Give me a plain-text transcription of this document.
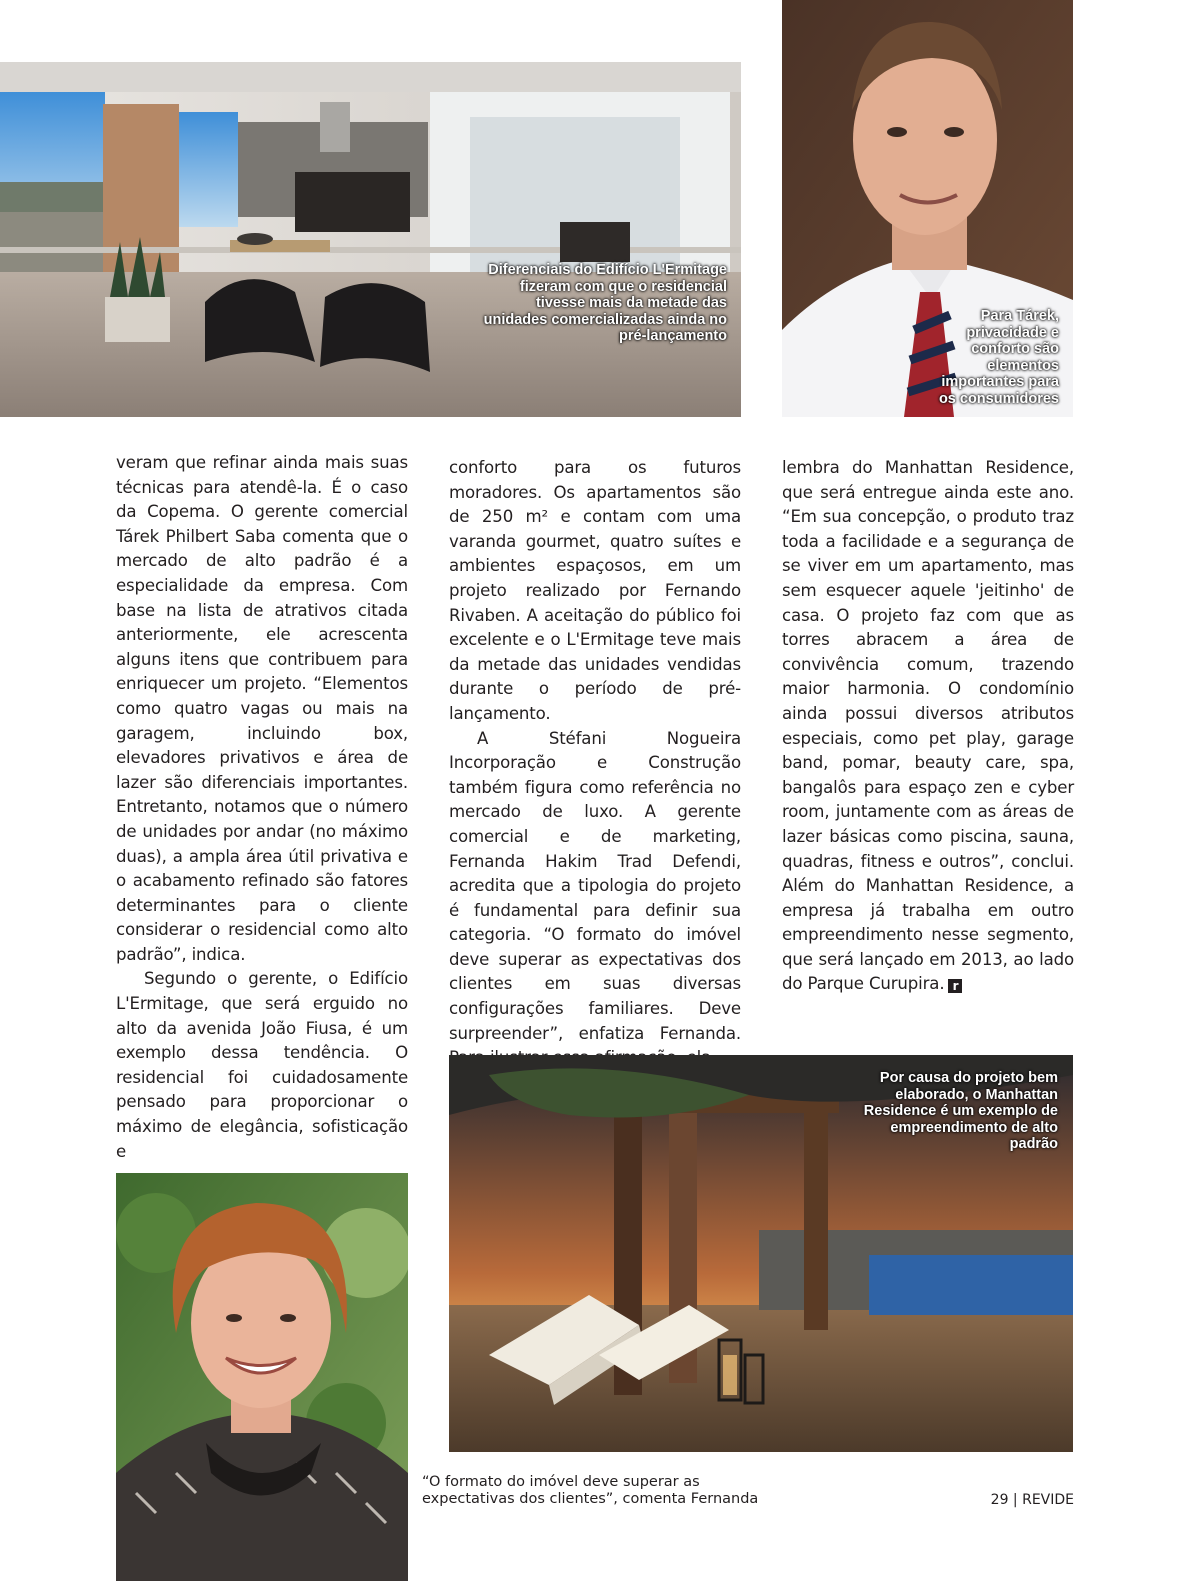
Diferenciais do Edifício L'Ermitage fizeram com que o residencial tivesse mais da metade das unidades comercializadas ainda no pré-lançamento
Para Tárek, privacidade e conforto são elementos importantes para os consumidores

veram que refinar ainda mais suas técnicas para atendê-la. É o caso da Copema. O gerente comercial Tárek Philbert Saba comenta que o mercado de alto padrão é a especialidade da empresa. Com base na lista de atrativos citada anteriormente, ele acrescenta alguns itens que contribuem para enriquecer um projeto. “Elementos como quatro vagas ou mais na garagem, incluindo box, elevadores privativos e área de lazer são diferenciais importantes. Entretanto, notamos que o número de unidades por andar (no máximo duas), a ampla área útil privativa e o acabamento refinado são fatores determinantes para o cliente considerar o residencial como alto padrão”, indica.

Segundo o gerente, o Edifício L'Ermitage, que será erguido no alto da avenida João Fiusa, é um exemplo dessa tendência. O residencial foi cuidadosamente pensado para proporcionar o máximo de elegância, sofisticação e

conforto para os futuros moradores. Os apartamentos são de 250 m² e contam com uma varanda gourmet, quatro suítes e ambientes espaçosos, em um projeto realizado por Fernando Rivaben. A aceitação do público foi excelente e o L'Ermitage teve mais da metade das unidades vendidas durante o período de pré-lançamento.

A Stéfani Nogueira Incorporação e Construção também figura como referência no mercado de luxo. A gerente comercial e de marketing, Fernanda Hakim Trad Defendi, acredita que a tipologia do projeto é fundamental para definir sua categoria. “O formato do imóvel deve superar as expectativas dos clientes em suas diversas configurações familiares. Deve surpreender”, enfatiza Fernanda.

lembra do Manhattan Residence, que será entregue ainda este ano. “Em sua concepção, o produto traz toda a facilidade e a segurança de se viver em um apartamento, mas sem esquecer aquele 'jeitinho' de casa. O projeto faz com que as torres abracem a área de convivência comum, trazendo maior harmonia. O condomínio ainda possui diversos atributos especiais, como pet play, garage band, pomar, beauty care, spa, bangalôs para espaço zen e cyber room, juntamente com as áreas de lazer básicas como piscina, sauna, quadras, fitness e outros”, conclui. Além do Manhattan Residence, a empresa já trabalha em outro empreendimento nesse segmento, que será lançado em 2013, ao lado do Parque Curupira. r

Por causa do projeto bem elaborado, o Manhattan Residence é um exemplo de empreendimento de alto padrão
“O formato do imóvel deve superar as expectativas dos clientes”, comenta Fernanda	29 | REVIDE
